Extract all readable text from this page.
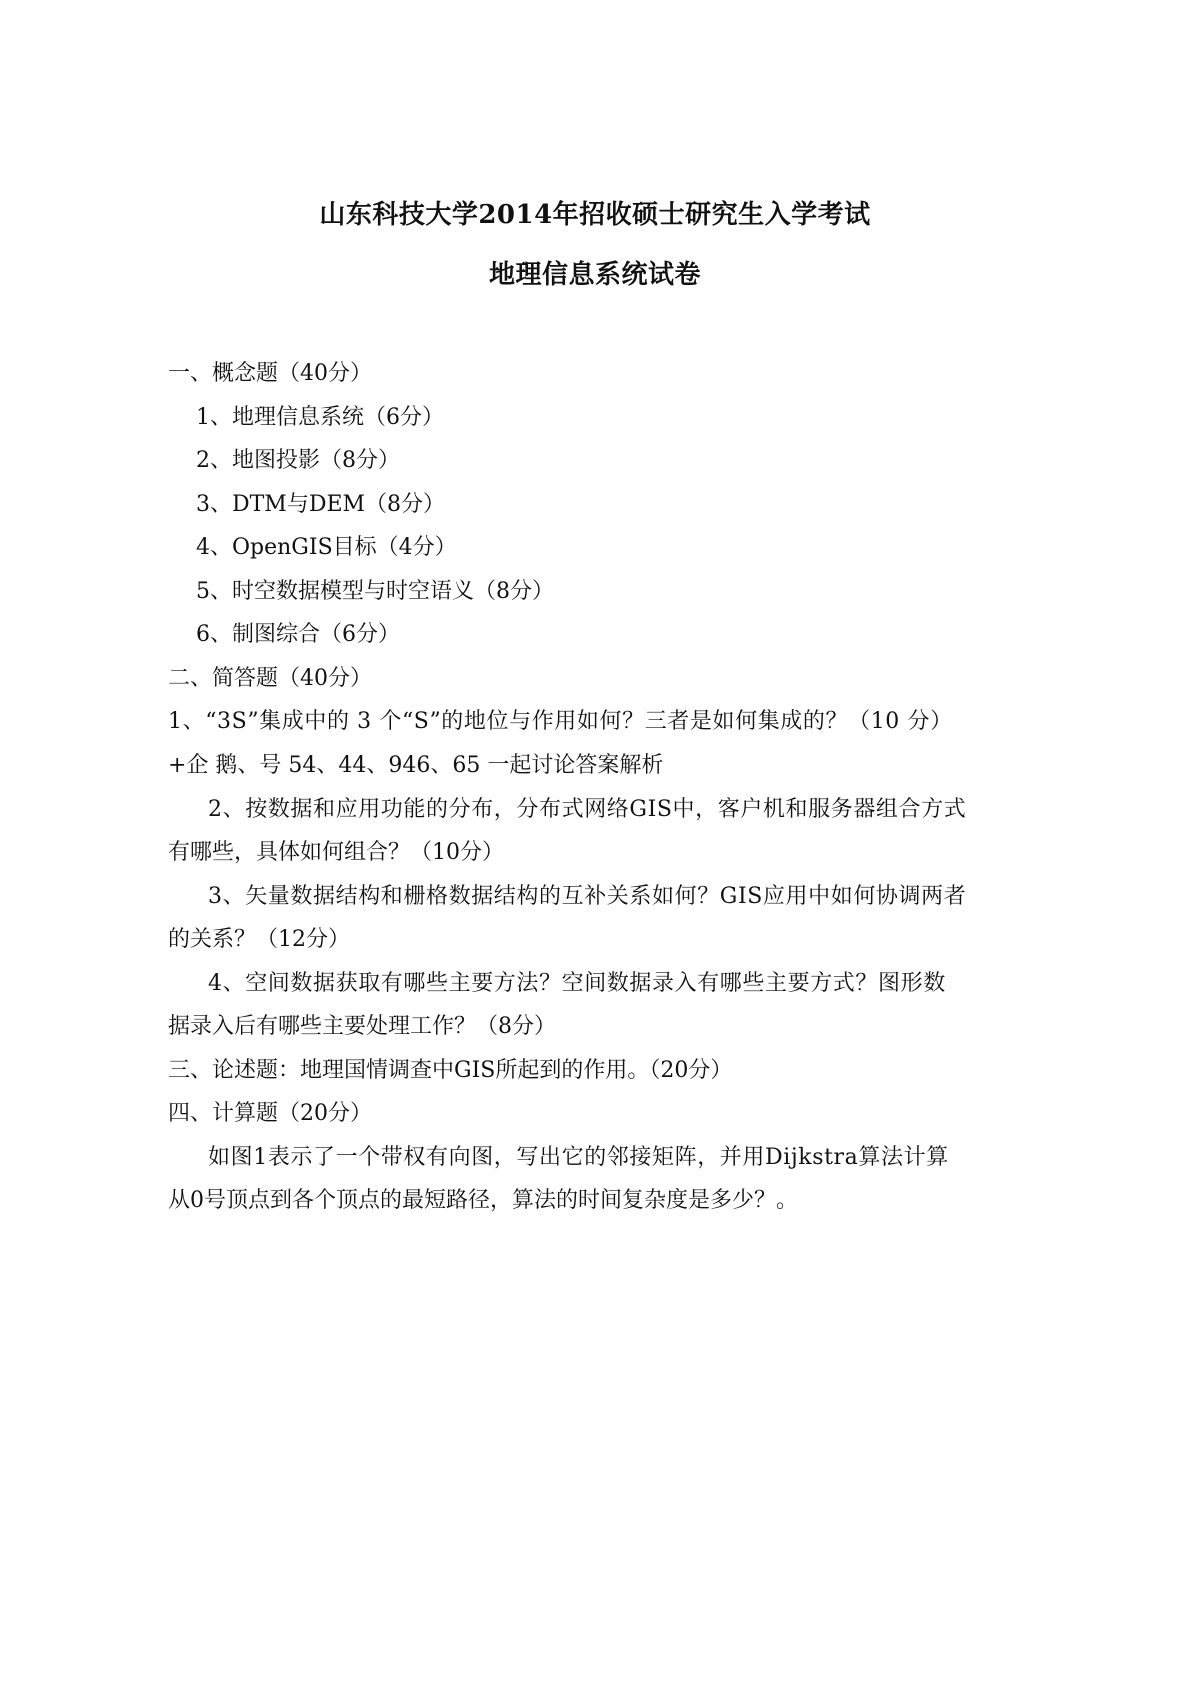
山东科技大学2014年招收硕士研究生入学考试
地理信息系统试卷
一、概念题（40分）
1、地理信息系统（6分）
2、地图投影（8分）
3、DTM与DEM（8分）
4、OpenGIS目标（4分）
5、时空数据模型与时空语义（8分）
6、制图综合（6分）
二、简答题（40分）
1、“3S”集成中的 3 个“S”的地位与作用如何？三者是如何集成的？（10 分）
+企 鹅、号 54、44、946、65 一起讨论答案解析
2、按数据和应用功能的分布，分布式网络GIS中，客户机和服务器组合方式
有哪些，具体如何组合？（10分）
3、矢量数据结构和栅格数据结构的互补关系如何？GIS应用中如何协调两者
的关系？（12分）
4、空间数据获取有哪些主要方法？空间数据录入有哪些主要方式？图形数
据录入后有哪些主要处理工作？（8分）
三、论述题：地理国情调查中GIS所起到的作用。（20分）
四、计算题（20分）
如图1表示了一个带权有向图，写出它的邻接矩阵，并用Dijkstra算法计算
从0号顶点到各个顶点的最短路径，算法的时间复杂度是多少？。
